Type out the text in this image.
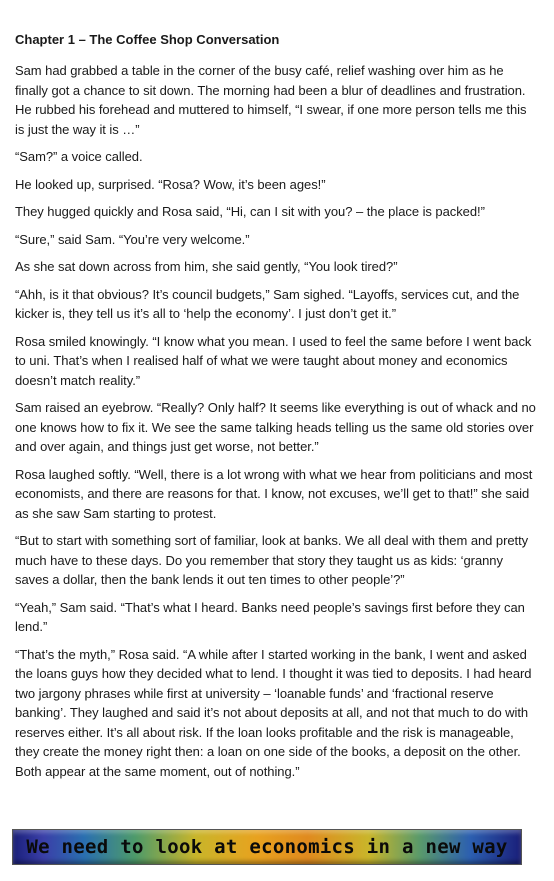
Chapter 1 – The Coffee Shop Conversation

Sam had grabbed a table in the corner of the busy café, relief washing over him as he finally got a chance to sit down. The morning had been a blur of deadlines and frustration. He rubbed his forehead and muttered to himself, “I swear, if one more person tells me this is just the way it is …”

“Sam?” a voice called.

He looked up, surprised. “Rosa? Wow, it’s been ages!”

They hugged quickly and Rosa said, “Hi, can I sit with you? – the place is packed!”

“Sure,” said Sam. “You’re very welcome.”

As she sat down across from him, she said gently, “You look tired?”

“Ahh, is it that obvious? It’s council budgets,” Sam sighed. “Layoffs, services cut, and the kicker is, they tell us it’s all to ‘help the economy’. I just don’t get it.”

Rosa smiled knowingly. “I know what you mean. I used to feel the same before I went back to uni. That’s when I realised half of what we were taught about money and economics doesn’t match reality.”

Sam raised an eyebrow. “Really? Only half? It seems like everything is out of whack and no one knows how to fix it. We see the same talking heads telling us the same old stories over and over again, and things just get worse, not better.”

Rosa laughed softly. “Well, there is a lot wrong with what we hear from politicians and most economists, and there are reasons for that. I know, not excuses, we’ll get to that!” she said as she saw Sam starting to protest.

“But to start with something sort of familiar, look at banks. We all deal with them and pretty much have to these days. Do you remember that story they taught us as kids: ‘granny saves a dollar, then the bank lends it out ten times to other people’?”

“Yeah,” Sam said. “That’s what I heard. Banks need people’s savings first before they can lend.”

“That’s the myth,” Rosa said. “A while after I started working in the bank, I went and asked the loans guys how they decided what to lend. I thought it was tied to deposits. I had heard two jargony phrases while first at university – ‘loanable funds’ and ‘fractional reserve banking’. They laughed and said it’s not about deposits at all, and not that much to do with reserves either. It’s all about risk. If the loan looks profitable and the risk is manageable, they create the money right then: a loan on one side of the books, a deposit on the other. Both appear at the same moment, out of nothing.”

We need to look at economics in a new way
